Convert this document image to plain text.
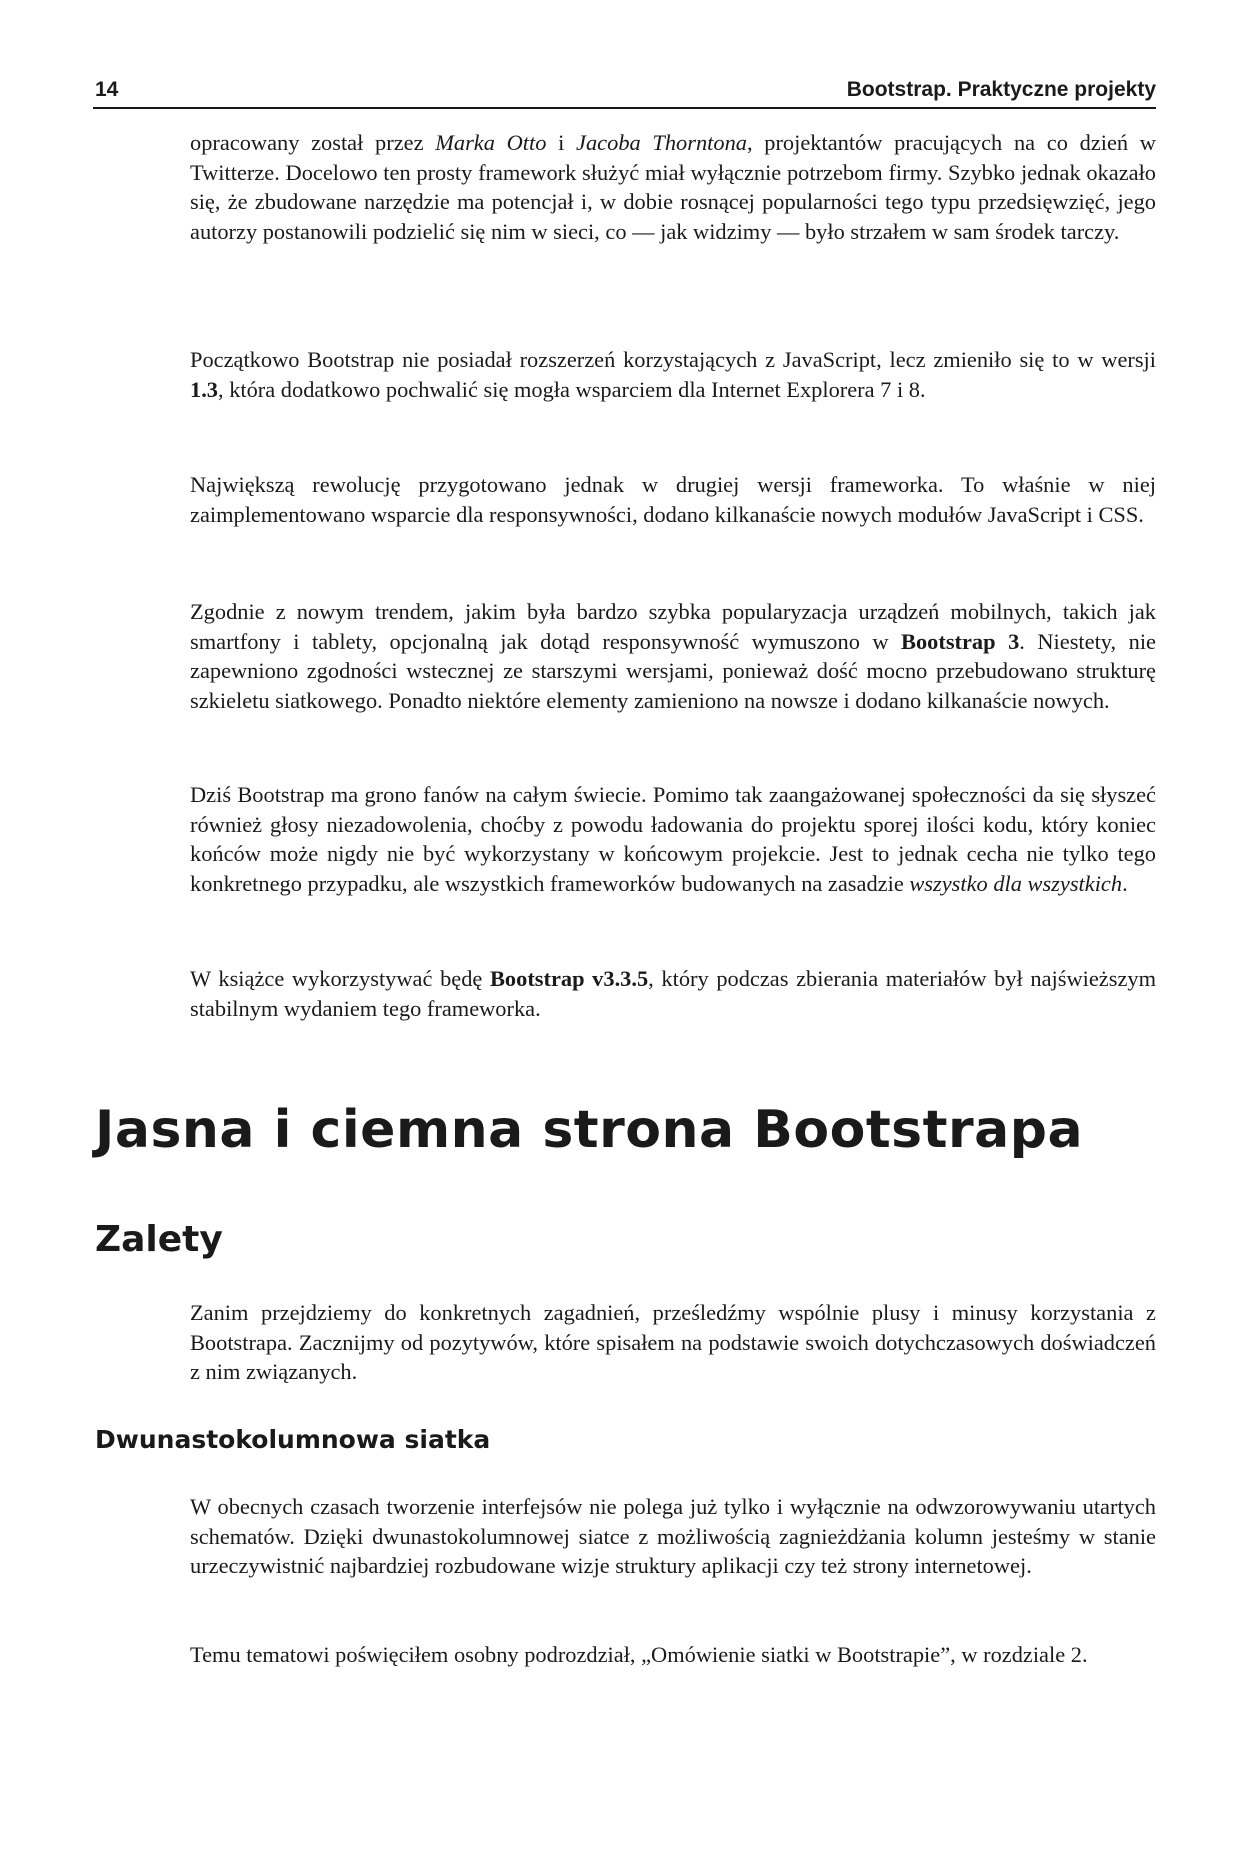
14	Bootstrap. Praktyczne projekty

opracowany został przez Marka Otto i Jacoba Thorntona, projektantów pracujących na co dzień w Twitterze. Docelowo ten prosty framework służyć miał wyłącznie potrzebom firmy. Szybko jednak okazało się, że zbudowane narzędzie ma potencjał i, w dobie rosnącej popularności tego typu przedsięwzięć, jego autorzy postanowili podzielić się nim w sieci, co — jak widzimy — było strzałem w sam środek tarczy.

Początkowo Bootstrap nie posiadał rozszerzeń korzystających z JavaScript, lecz zmieniło się to w wersji 1.3, która dodatkowo pochwalić się mogła wsparciem dla Internet Explorera 7 i 8.

Największą rewolucję przygotowano jednak w drugiej wersji frameworka. To właśnie w niej zaimplementowano wsparcie dla responsywności, dodano kilkanaście nowych modułów JavaScript i CSS.

Zgodnie z nowym trendem, jakim była bardzo szybka popularyzacja urządzeń mobilnych, takich jak smartfony i tablety, opcjonalną jak dotąd responsywność wymuszono w Bootstrap 3. Niestety, nie zapewniono zgodności wstecznej ze starszymi wersjami, ponieważ dość mocno przebudowano strukturę szkieletu siatkowego. Ponadto niektóre elementy zamieniono na nowsze i dodano kilkanaście nowych.

Dziś Bootstrap ma grono fanów na całym świecie. Pomimo tak zaangażowanej społeczności da się słyszeć również głosy niezadowolenia, choćby z powodu ładowania do projektu sporej ilości kodu, który koniec końców może nigdy nie być wykorzystany w końcowym projekcie. Jest to jednak cecha nie tylko tego konkretnego przypadku, ale wszystkich frameworków budowanych na zasadzie wszystko dla wszystkich.

W książce wykorzystywać będę Bootstrap v3.3.5, który podczas zbierania materiałów był najświeższym stabilnym wydaniem tego frameworka.

Jasna i ciemna strona Bootstrapa
Zalety

Zanim przejdziemy do konkretnych zagadnień, prześledźmy wspólnie plusy i minusy korzystania z Bootstrapa. Zacznijmy od pozytywów, które spisałem na podstawie swoich dotychczasowych doświadczeń z nim związanych.

Dwunastokolumnowa siatka

W obecnych czasach tworzenie interfejsów nie polega już tylko i wyłącznie na odwzorowywaniu utartych schematów. Dzięki dwunastokolumnowej siatce z możliwością zagnieżdżania kolumn jesteśmy w stanie urzeczywistnić najbardziej rozbudowane wizje struktury aplikacji czy też strony internetowej.

Temu tematowi poświęciłem osobny podrozdział, „Omówienie siatki w Bootstrapie”, w rozdziale 2.
